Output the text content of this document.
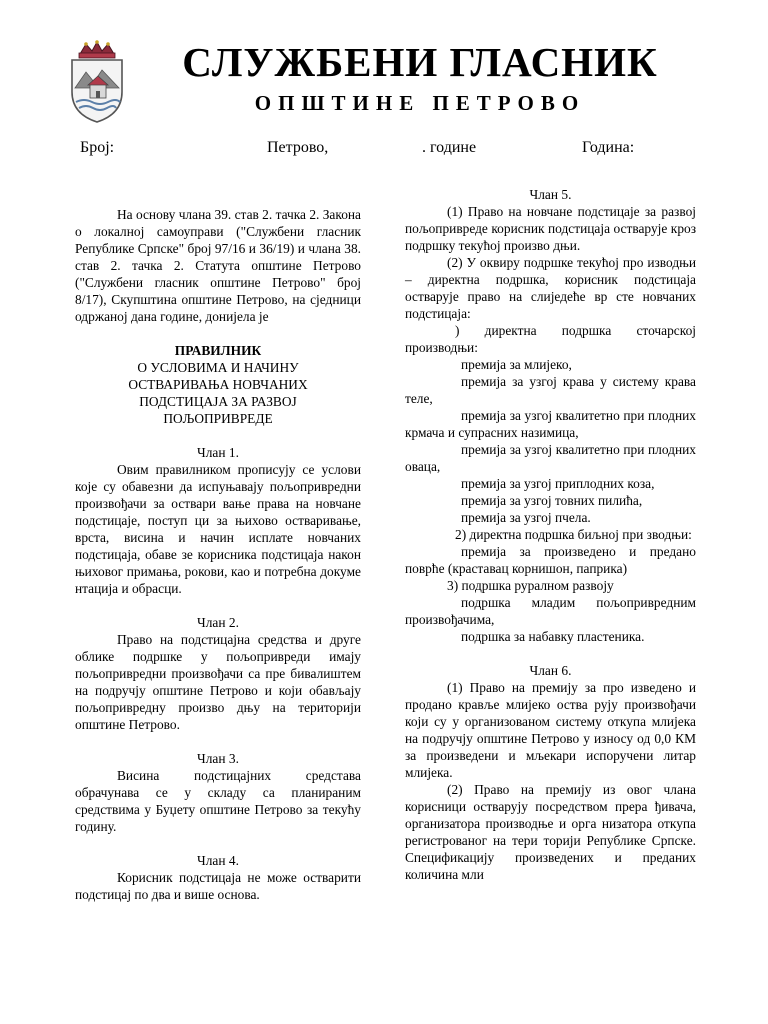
СЛУЖБЕНИ ГЛАСНИК
ОПШТИНЕ ПЕТРОВО
Број:	Петрово,	. године	Година:

На основу члана 39. став 2. тачка 2. Закона о локалној самоуправи ("Службени гласник Републике Српске" број 97/16 и 36/19) и члана 38. став 2. тачка 2. Статута општине Петрово ("Службени гласник општине Петрово" број 8/17), Скупштина општине Петрово, на сједници одржаној дана године, донијела је

ПРАВИЛНИК

О УСЛОВИМА И НАЧИНУ

ОСТВАРИВАЊА НОВЧАНИХ

ПОДСТИЦАЈА ЗА РАЗВОЈ

ПОЉОПРИВРЕДЕ

Члан 1.

Овим правилником прописују се услови које су обавезни да испуњавају пољопривредни произвођачи за оствари вање права на новчане подстицаје, поступ ци за њихово остваривање, врста, висина и начин исплате новчаних подстицаја, обаве зе корисника подстицаја након њиховог примања, рокови, као и потребна докуме нтација и обрасци.

Члан 2.

Право на подстицајна средства и друге облике подршке у пољопривреди имају пољопривредни произвођачи са пре бивалиштем на подручју општине Петрово и који обављају пољопривредну произво дњу на територији општине Петрово.

Члан 3.

Висина подстицајних средстава обрачунава се у складу са планираним средствима у Буџету општине Петрово за текућу годину.

Члан 4.

Корисник подстицаја не може остварити подстицај по два и више основа.

Члан 5.

(1) Право на новчане подстицаје за развој пољопривреде корисник подстицаја остварује кроз подршку текућој произво дњи.

(2) У оквиру подршке текућој про изводњи – директна подршка, корисник подстицаја остварује право на слиједеће вр сте новчаних подстицаја:

) директна подршка сточарској производњи:

премија за млијеко,

премија за узгој крава у систему крава теле,

премија за узгој квалитетно при плодних крмача и супрасних назимица,

премија за узгој квалитетно при плодних оваца,

премија за узгој приплодних коза,

премија за узгој товних пилића,

премија за узгој пчела.

2) директна подршка биљној при зводњи:

премија за произведено и предано поврће (краставац корнишон, паприка)

3) подршка руралном развоју

подршка младим пољопривредним произвођачима,

подршка за набавку пластеника.

Члан 6.

(1) Право на премију за про изведено и продано крављe млијеко оства рују произвођачи који су у организованом систему откупа млијека на подручју општине Петрово у износу од 0,0 КМ за произведени и мљекари испоручени литар млијека.

(2) Право на премију из овог члана корисници остварују посредством прера ђивача, организатора производње и орга низатора откупа регистрованог на тери торији Републике Српске. Спецификацију произведених и преданих количина мли
